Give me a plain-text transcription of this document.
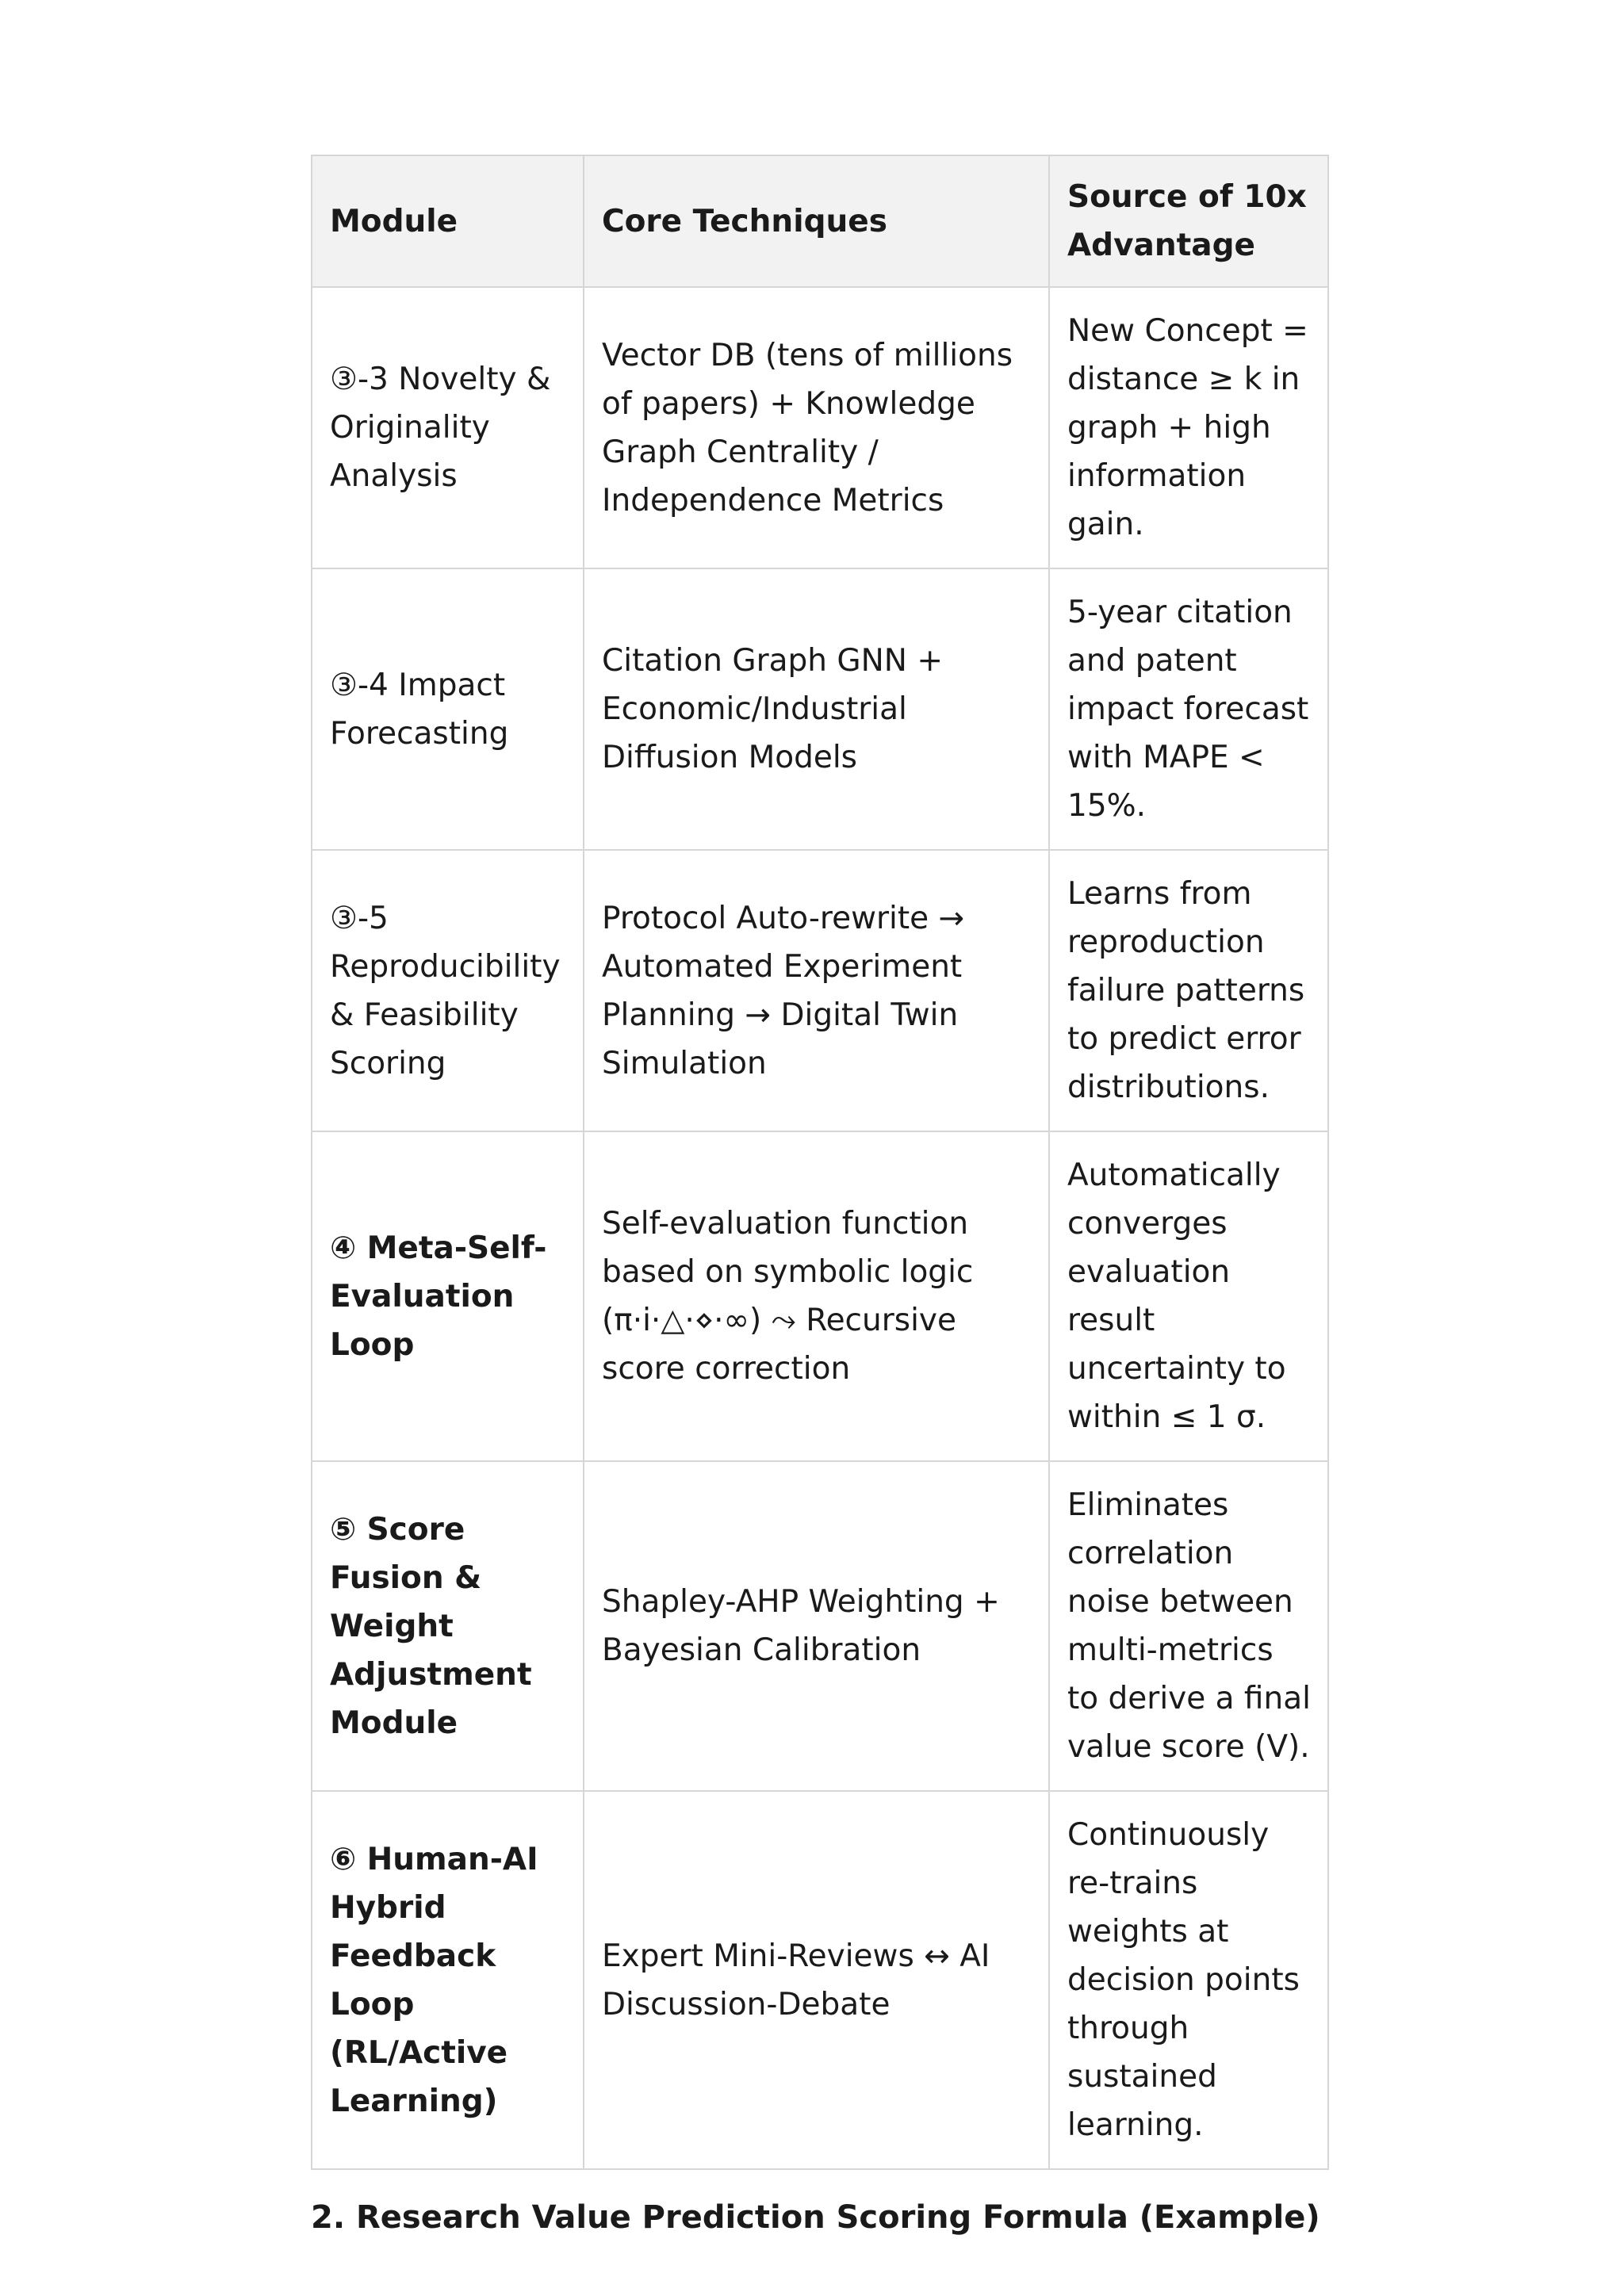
Module	Core Techniques	Source of 10x Advantage
③-3 Novelty & Originality Analysis	Vector DB (tens of millions of papers) + Knowledge Graph Centrality / Independence Metrics	New Concept = distance ≥ k in graph + high information gain.
③-4 Impact Forecasting	Citation Graph GNN + Economic/Industrial Diffusion Models	5-year citation and patent impact forecast with MAPE < 15%.
③-5 Reproducibility & Feasibility Scoring	Protocol Auto-rewrite → Automated Experiment Planning → Digital Twin Simulation	Learns from reproduction failure patterns to predict error distributions.
④ Meta-Self-Evaluation Loop	Self-evaluation function based on symbolic logic (π·i·△·⋄·∞) ⤳ Recursive score correction	Automatically converges evaluation result uncertainty to within ≤ 1 σ.
⑤ Score Fusion & Weight Adjustment Module	Shapley-AHP Weighting + Bayesian Calibration	Eliminates correlation noise between multi-metrics to derive a final value score (V).
⑥ Human-AI Hybrid Feedback Loop (RL/Active Learning)	Expert Mini-Reviews ↔ AI Discussion-Debate	Continuously re-trains weights at decision points through sustained learning.
2. Research Value Prediction Scoring Formula (Example)
